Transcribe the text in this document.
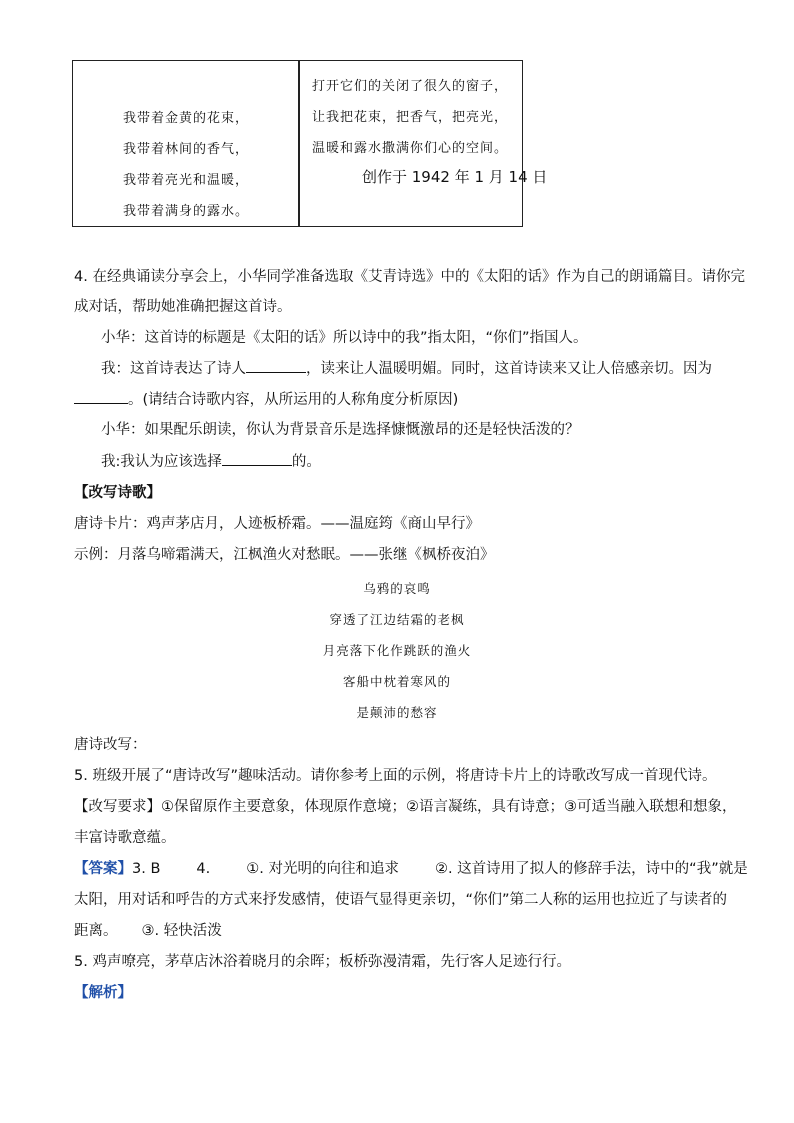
我带着金黄的花束，
我带着林间的香气，
我带着亮光和温暖，
我带着满身的露水。
打开它们的关闭了很久的窗子，
让我把花束，把香气，把亮光，
温暖和露水撒满你们心的空间。
创作于 1942 年 1 月 14 日
4. 在经典诵读分享会上，小华同学准备选取《艾青诗选》中的《太阳的话》作为自己的朗诵篇目。请你完
成对话，帮助她准确把握这首诗。
小华：这首诗的标题是《太阳的话》所以诗中的我”指太阳，“你们”指国人。
我：这首诗表达了诗人	，读来让人温暖明媚。同时，这首诗读来又让人倍感亲切。因为
。(请结合诗歌内容，从所运用的人称角度分析原因)
小华：如果配乐朗读，你认为背景音乐是选择慷慨激昂的还是轻快活泼的？
我:我认为应该选择	的。
【改写诗歌】
唐诗卡片：鸡声茅店月，人迹板桥霜。——温庭筠《商山早行》
示例：月落乌啼霜满天，江枫渔火对愁眠。——张继《枫桥夜泊》
乌鸦的哀鸣
穿透了江边结霜的老枫
月亮落下化作跳跃的渔火
客船中枕着寒风的
是颠沛的愁容
唐诗改写：
5. 班级开展了“唐诗改写”趣味活动。请你参考上面的示例，将唐诗卡片上的诗歌改写成一首现代诗。
【改写要求】①保留原作主要意象，体现原作意境；②语言凝练，具有诗意；③可适当融入联想和想象，
丰富诗歌意蕴。
【答案】3. B 4. ①. 对光明的向往和追求 ②. 这首诗用了拟人的修辞手法，诗中的“我”就是
太阳，用对话和呼告的方式来抒发感情，使语气显得更亲切，“你们”第二人称的运用也拉近了与读者的
距离。 ③. 轻快活泼
5. 鸡声嘹亮，茅草店沐浴着晓月的余晖；板桥弥漫清霜，先行客人足迹行行。
【解析】
